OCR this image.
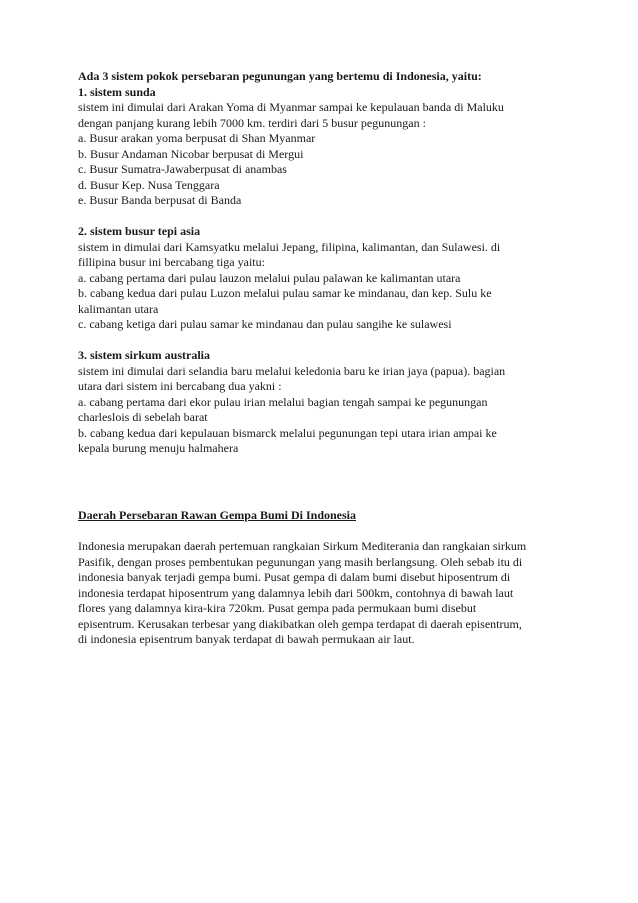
Ada 3 sistem pokok persebaran pegunungan yang bertemu di Indonesia, yaitu:

1. sistem sunda

sistem ini dimulai dari Arakan Yoma di Myanmar sampai ke kepulauan banda di Maluku

dengan panjang kurang lebih 7000 km. terdiri dari 5 busur pegunungan :

a. Busur arakan yoma berpusat di Shan Myanmar

b. Busur Andaman Nicobar berpusat di Mergui

c. Busur Sumatra-Jawaberpusat di anambas

d. Busur Kep. Nusa Tenggara

e. Busur Banda berpusat di Banda

2. sistem busur tepi asia

sistem in dimulai dari Kamsyatku melalui Jepang, filipina, kalimantan, dan Sulawesi. di

fillipina busur ini bercabang tiga yaitu:

a. cabang pertama dari pulau lauzon melalui pulau palawan ke kalimantan utara

b. cabang kedua dari pulau Luzon melalui pulau samar ke mindanau, dan kep. Sulu ke

kalimantan utara

c. cabang ketiga dari pulau samar ke mindanau dan pulau sangihe ke sulawesi

3. sistem sirkum australia

sistem ini dimulai dari selandia baru melalui keledonia baru ke irian jaya (papua). bagian

utara dari sistem ini bercabang dua yakni :

a. cabang pertama dari ekor pulau irian melalui bagian tengah sampai ke pegunungan

charleslois di sebelah barat

b. cabang kedua dari kepulauan bismarck melalui pegunungan tepi utara irian ampai ke

kepala burung menuju halmahera

Daerah Persebaran Rawan Gempa Bumi Di Indonesia

Indonesia merupakan daerah pertemuan rangkaian Sirkum Mediterania dan rangkaian sirkum

Pasifik, dengan proses pembentukan pegunungan yang masih berlangsung. Oleh sebab itu di

indonesia banyak terjadi gempa bumi. Pusat gempa di dalam bumi disebut hiposentrum di

indonesia terdapat hiposentrum yang dalamnya lebih dari 500km, contohnya di bawah laut

flores yang dalamnya kira-kira 720km. Pusat gempa pada permukaan bumi disebut

episentrum. Kerusakan terbesar yang diakibatkan oleh gempa terdapat di daerah episentrum,

di indonesia episentrum banyak terdapat di bawah permukaan air laut.
